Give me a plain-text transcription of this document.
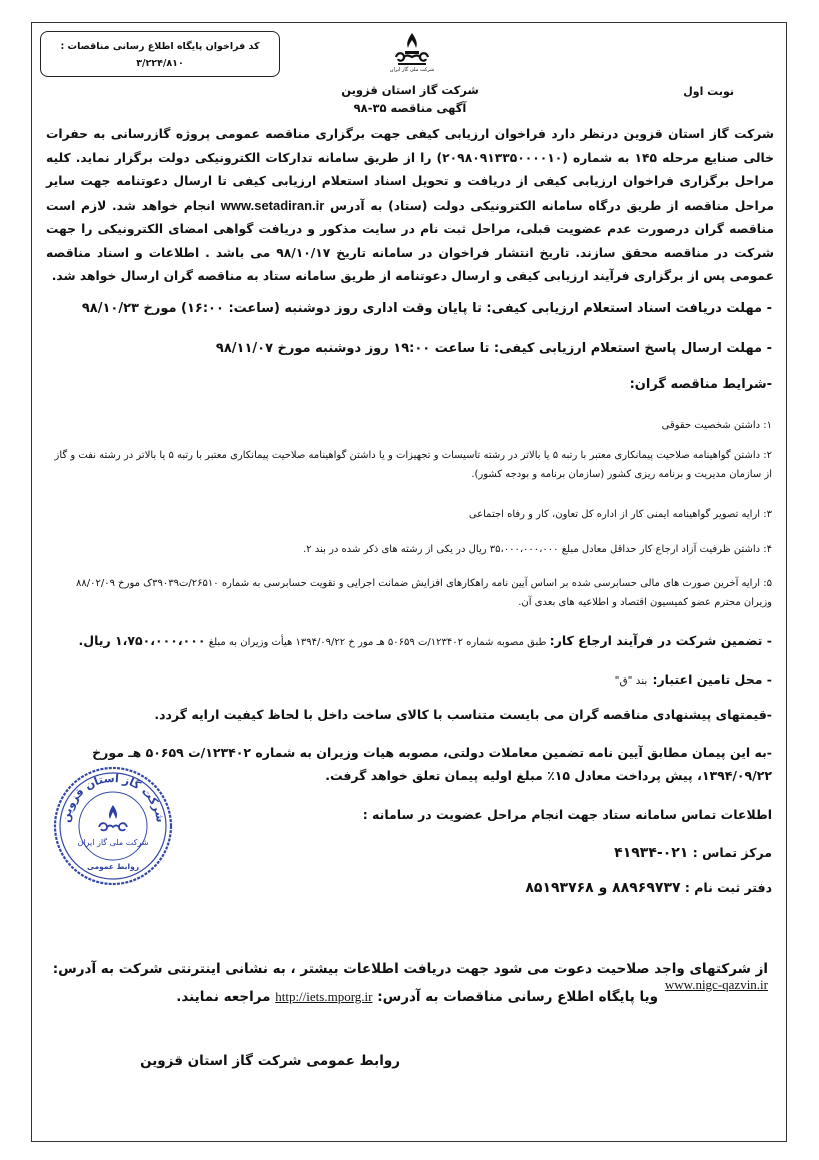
کد فراخوان پایگاه اطلاع رسانی مناقصات :
۳/۲۲۴/۸۱۰
شرکت ملی گاز ایران
نوبت اول
شرکت گاز استان قزوین
آگهی مناقصه ۳۵-۹۸
شرکت گاز استان قزوین درنظر دارد فراخوان ارزیابی کیفی جهت برگزاری مناقصه عمومی پروژه گازرسانی به حفرات خالی صنایع مرحله ۱۴۵ به شماره (۲۰۹۸۰۹۱۳۳۵۰۰۰۰۱۰) را از طریق سامانه تدارکات الکترونیکی دولت برگزار نماید. کلیه مراحل برگزاری فراخوان ارزیابی کیفی از دریافت و تحویل اسناد استعلام ارزیابی کیفی تا ارسال دعوتنامه جهت سایر مراحل مناقصه از طریق درگاه سامانه الکترونیکی دولت (ستاد) به آدرس www.setadiran.ir انجام خواهد شد. لازم است مناقصه گران درصورت عدم عضویت قبلی، مراحل ثبت نام در سایت مذکور و دریافت گواهی امضای الکترونیکی را جهت شرکت در مناقصه محقق سازند. تاریخ انتشار فراخوان در سامانه تاریخ ۹۸/۱۰/۱۷ می باشد . اطلاعات و اسناد مناقصه عمومی پس از برگزاری فرآیند ارزیابی کیفی و ارسال دعوتنامه از طریق سامانه ستاد به مناقصه گران ارسال خواهد شد.
- مهلت دریافت اسناد استعلام ارزیابی کیفی: تا پایان وقت اداری روز دوشنبه (ساعت: ۱۶:۰۰) مورخ ۹۸/۱۰/۲۳
- مهلت ارسال پاسخ استعلام ارزیابی کیفی: تا ساعت ۱۹:۰۰ روز دوشنبه مورخ ۹۸/۱۱/۰۷
-شرایط مناقصه گران:
۱: داشتن شخصیت حقوقی
۲: داشتن گواهینامه صلاحیت پیمانکاری معتبر با رتبه ۵ یا بالاتر در رشته تاسیسات و تجهیزات و یا داشتن گواهینامه صلاحیت پیمانکاری معتبر با رتبه ۵ یا بالاتر در رشته نفت و گاز از سازمان مدیریت و برنامه ریزی کشور (سازمان برنامه و بودجه کشور).
۳: ارایه تصویر گواهینامه ایمنی کار از اداره کل تعاون، کار و رفاه اجتماعی
۴: داشتن ظرفیت آزاد ارجاع کار حداقل معادل مبلغ ۳۵،۰۰۰،۰۰۰،۰۰۰ ریال در یکی از رشته های ذکر شده در بند ۲.
۵: ارایه آخرین صورت های مالی حسابرسی شده بر اساس آیین نامه راهکارهای افزایش ضمانت اجرایی و تقویت حسابرسی به شماره ۲۶۵۱۰/ت۳۹۰۳۹ک مورخ ۸۸/۰۲/۰۹ وزیران محترم عضو کمیسیون اقتصاد و اطلاعیه های بعدی آن.
- تضمین شرکت در فرآیند ارجاع کار: طبق مصوبه شماره ۱۲۳۴۰۲/ت ۵۰۶۵۹ هـ مور خ ۱۳۹۴/۰۹/۲۲ هیأت وزیران به مبلغ ۱،۷۵۰،۰۰۰،۰۰۰ ریال.
- محل تامین اعتبار: بند "ق"
-قیمتهای پیشنهادی مناقصه گران می بایست متناسب با کالای ساخت داخل با لحاظ کیفیت ارایه گردد.
-به این پیمان مطابق آیین نامه تضمین معاملات دولتی، مصوبه هیات وزیران به شماره ۱۲۳۴۰۲/ت ۵۰۶۵۹ هـ مورخ ۱۳۹۴/۰۹/۲۲، پیش پرداخت معادل ۱۵٪ مبلغ اولیه پیمان تعلق خواهد گرفت.
اطلاعات تماس سامانه ستاد جهت انجام مراحل عضویت در سامانه :
مرکز تماس : ۰۲۱-۴۱۹۳۴
دفتر ثبت نام : ۸۸۹۶۹۷۳۷ و ۸۵۱۹۳۷۶۸
از شرکتهای واجد صلاحیت دعوت می شود جهت دریافت اطلاعات بیشتر ، به نشانی اینترنتی شرکت به آدرس: www.nigc-qazvin.ir
ویا پایگاه اطلاع رسانی مناقصات به آدرس: http://iets.mporg.ir مراجعه نمایند.
روابط عمومی شرکت گاز استان قزوین
شرکت گاز استان قزوین
شرکت ملی گاز ایران
روابط عمومی
